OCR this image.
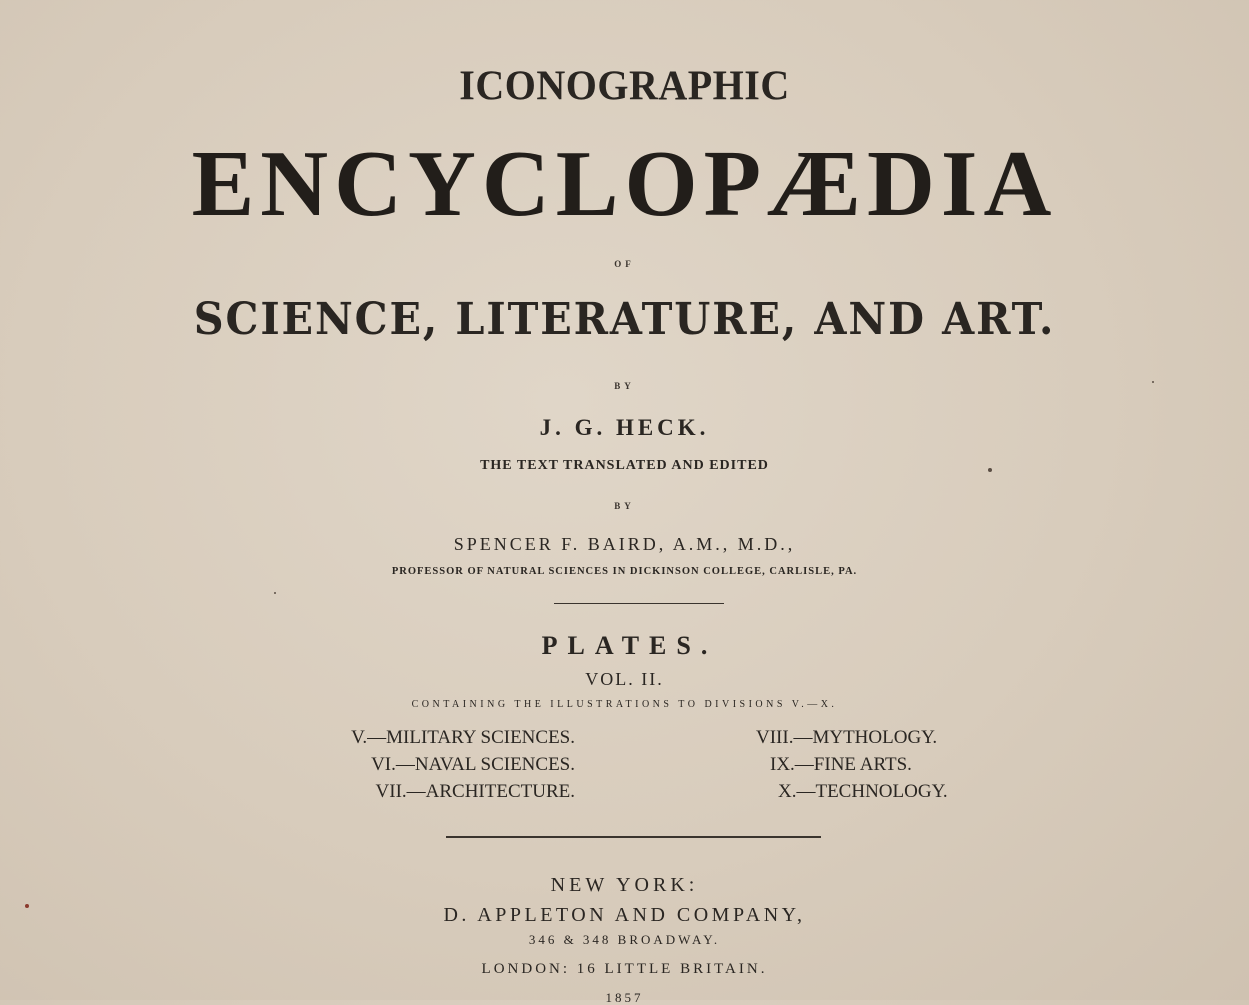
ICONOGRAPHIC
ENCYCLOPÆDIA
OF
SCIENCE, LITERATURE, AND ART.
BY
J. G. HECK.
THE TEXT TRANSLATED AND EDITED
BY
SPENCER F. BAIRD, A.M., M.D.,
PROFESSOR OF NATURAL SCIENCES IN DICKINSON COLLEGE, CARLISLE, PA.
PLATES.
VOL. II.
CONTAINING THE ILLUSTRATIONS TO DIVISIONS V.—X.
V.—MILITARY SCIENCES.
VI.—NAVAL SCIENCES.
VII.—ARCHITECTURE.
VIII.—MYTHOLOGY.
IX.—FINE ARTS.
X.—TECHNOLOGY.
NEW YORK:
D. APPLETON AND COMPANY,
346 & 348 BROADWAY.
LONDON: 16 LITTLE BRITAIN.
1857
